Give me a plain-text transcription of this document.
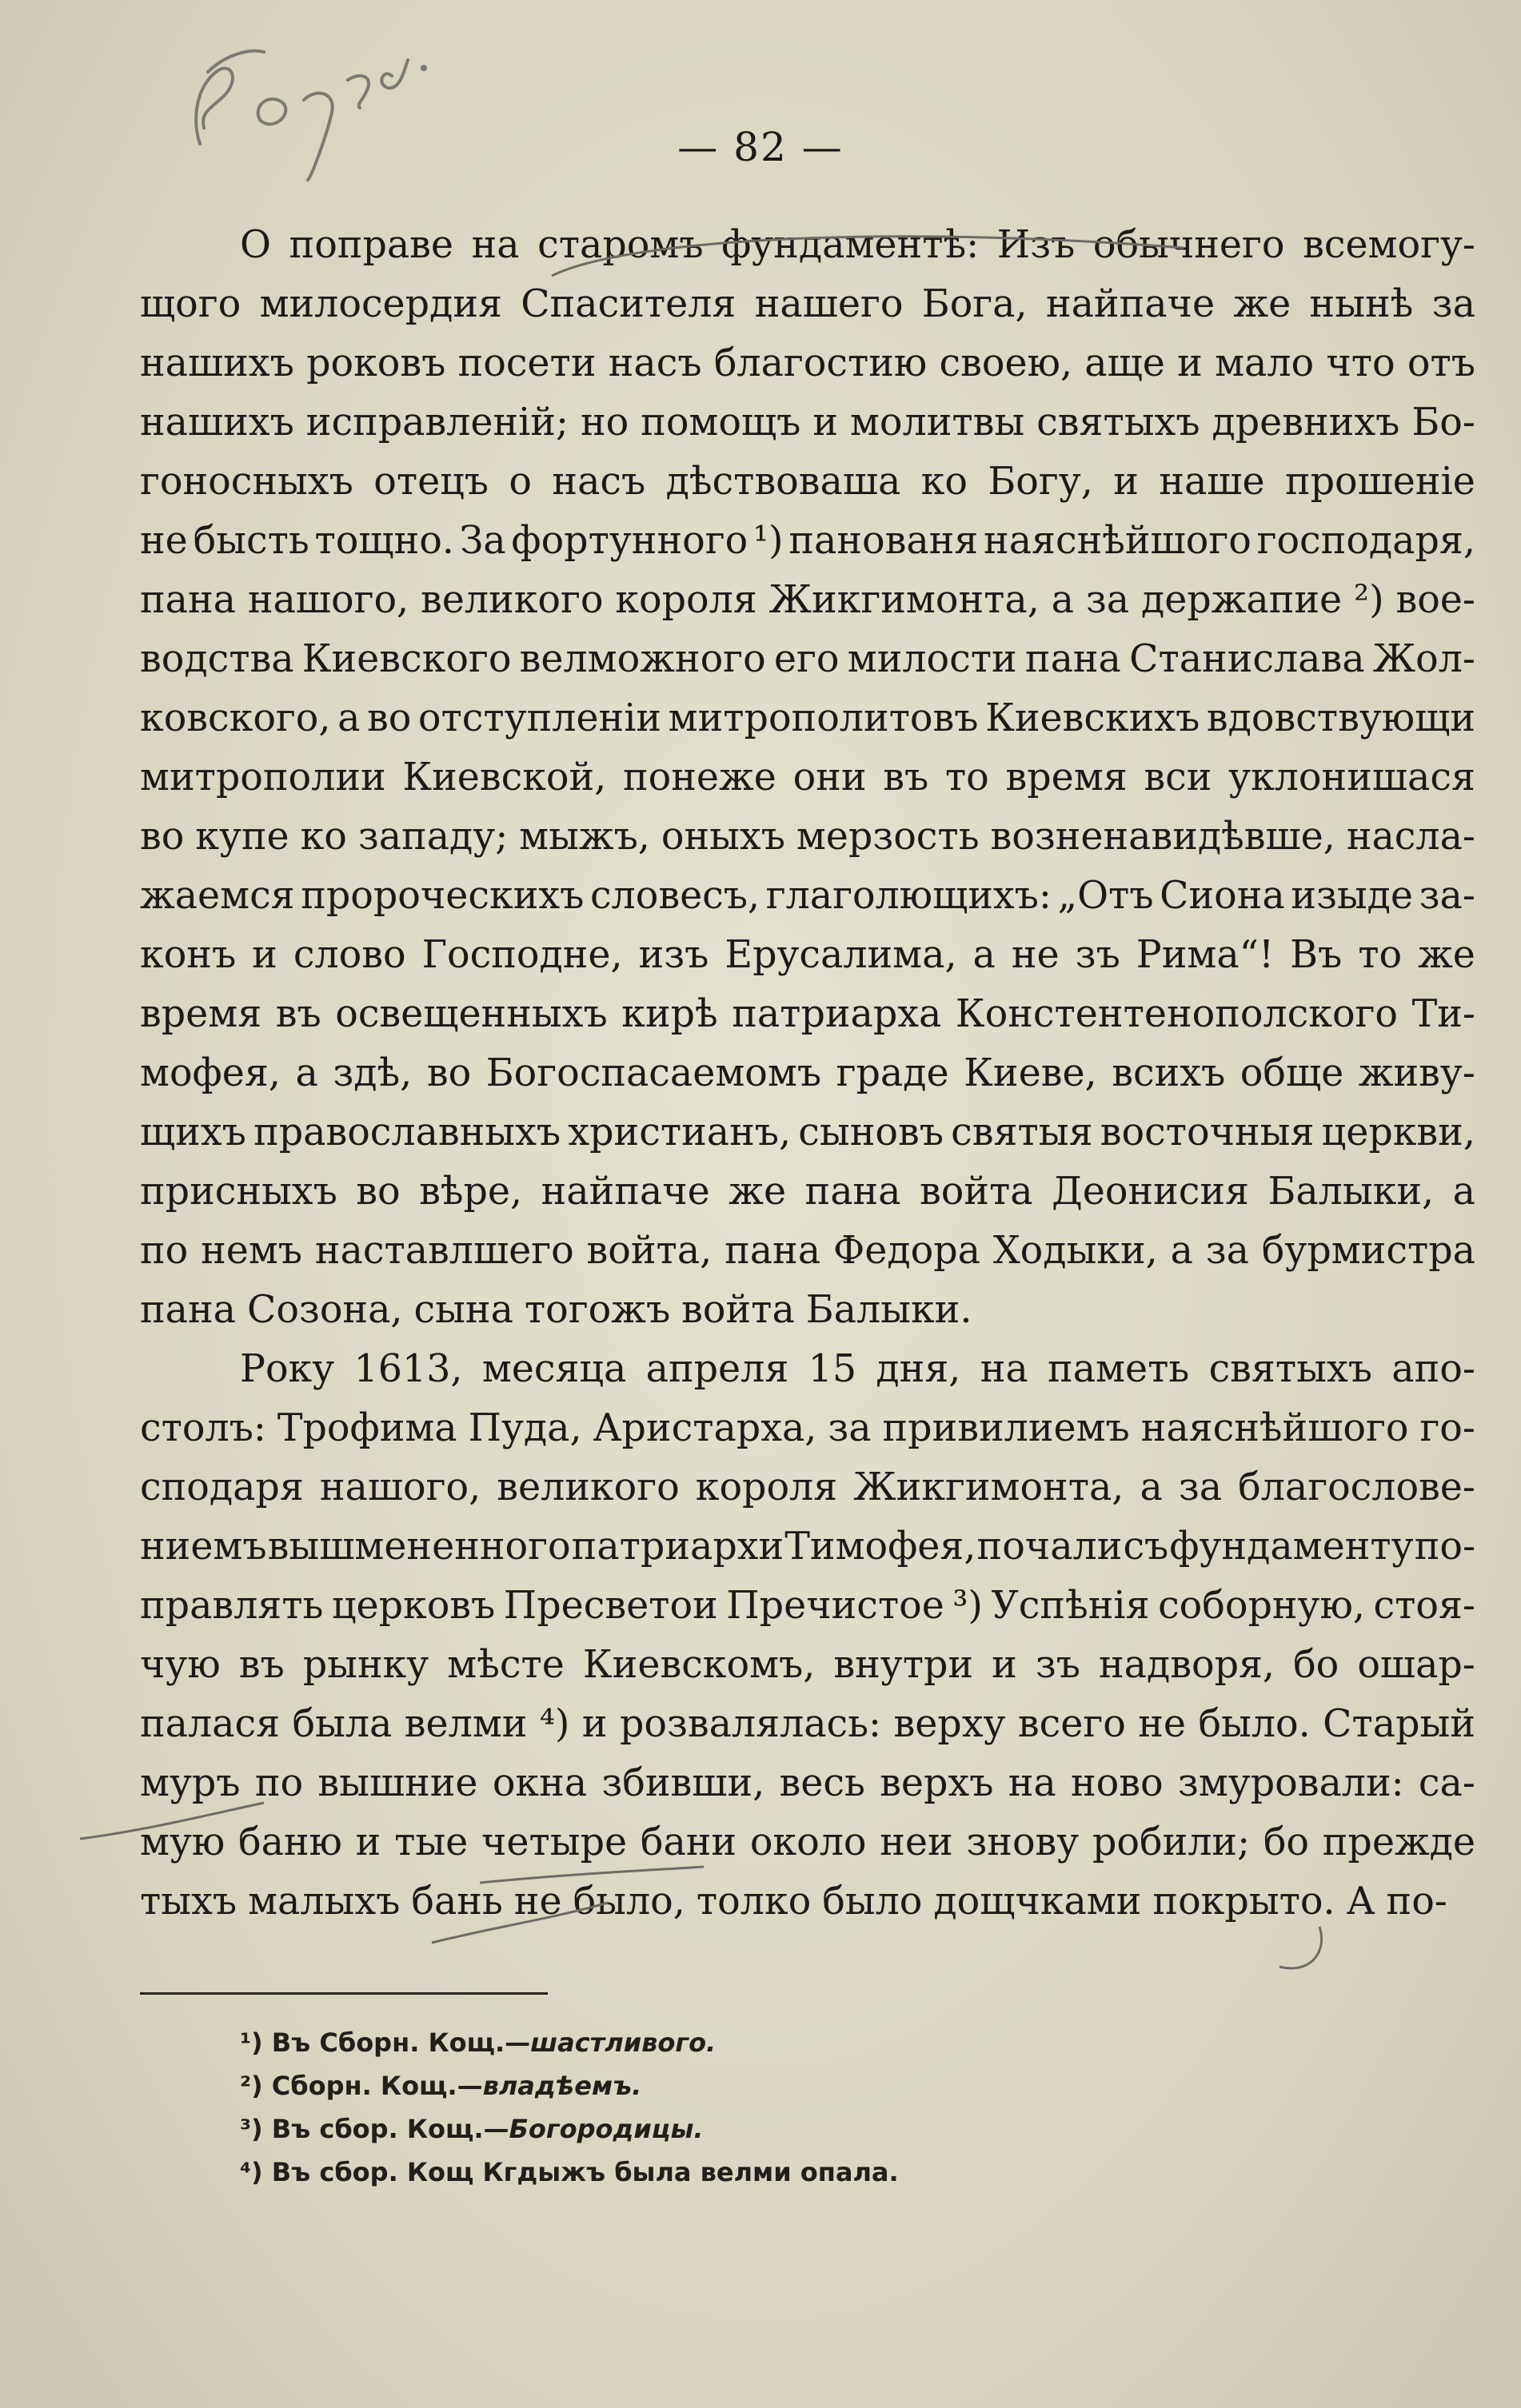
— 82 —
О поправе на старомъ фундаментѣ: Изъ обычнего всемогу-
щого милосердия Спасителя нашего Бога, найпаче же нынѣ за
нашихъ роковъ посети насъ благостию своею, аще и мало что отъ
нашихъ исправленій; но помощъ и молитвы святыхъ древнихъ Бо-
гоносныхъ отецъ о насъ дѣствоваша ко Богу, и наше прошеніе
не бысть тощно. За фортунного ¹) панованя наяснѣйшого господаря,
пана нашого, великого короля Жикгимонта, а за держапие ²) вое-
водства Киевского велможного его милости пана Станислава Жол-
ковского, а во отступленіи митрополитовъ Киевскихъ вдовствующи
митрополии Киевской, понеже они въ то время вси уклонишася
во купе ко западу; мыжъ, оныхъ мерзость возненавидѣвше, насла-
жаемся пророческихъ словесъ, глаголющихъ: „Отъ Сиона изыде за-
конъ и слово Господне, изъ Ерусалима, а не зъ Рима“! Въ то же
время въ освещенныхъ кирѣ патриарха Констентенополского Ти-
мофея, а здѣ, во Богоспасаемомъ граде Киеве, всихъ обще живу-
щихъ православныхъ христианъ, сыновъ святыя восточныя церкви,
присныхъ во вѣре, найпаче же пана войта Деонисия Балыки, а
по немъ наставлшего войта, пана Федора Ходыки, а за бурмистра
пана Созона, сына тогожъ войта Балыки.
Року 1613, месяца апреля 15 дня, на паметь святыхъ апо-
столъ: Трофима Пуда, Аристарха, за привилиемъ наяснѣйшого го-
сподаря нашого, великого короля Жикгимонта, а за благослове-
ниемъ вышмененного патриархи Тимофея, почали съ фундаменту по-
правлять церковъ Пресветои Пречистое ³) Успѣнія соборную, стоя-
чую въ рынку мѣсте Киевскомъ, внутри и зъ надворя, бо ошар-
палася была велми ⁴) и розвалялась: верху всего не было. Старый
муръ по вышние окна збивши, весь верхъ на ново змуровали: са-
мую баню и тые четыре бани около неи знову робили; бо прежде
тыхъ малыхъ бань не было, толко было дощчками покрыто. А по-
¹) Въ Сборн. Кощ.—шастливого.
²) Сборн. Кощ.—владѣемъ.
³) Въ сбор. Кощ.—Богородицы.
⁴) Въ сбор. Кощ Кгдыжъ была велми опала.
